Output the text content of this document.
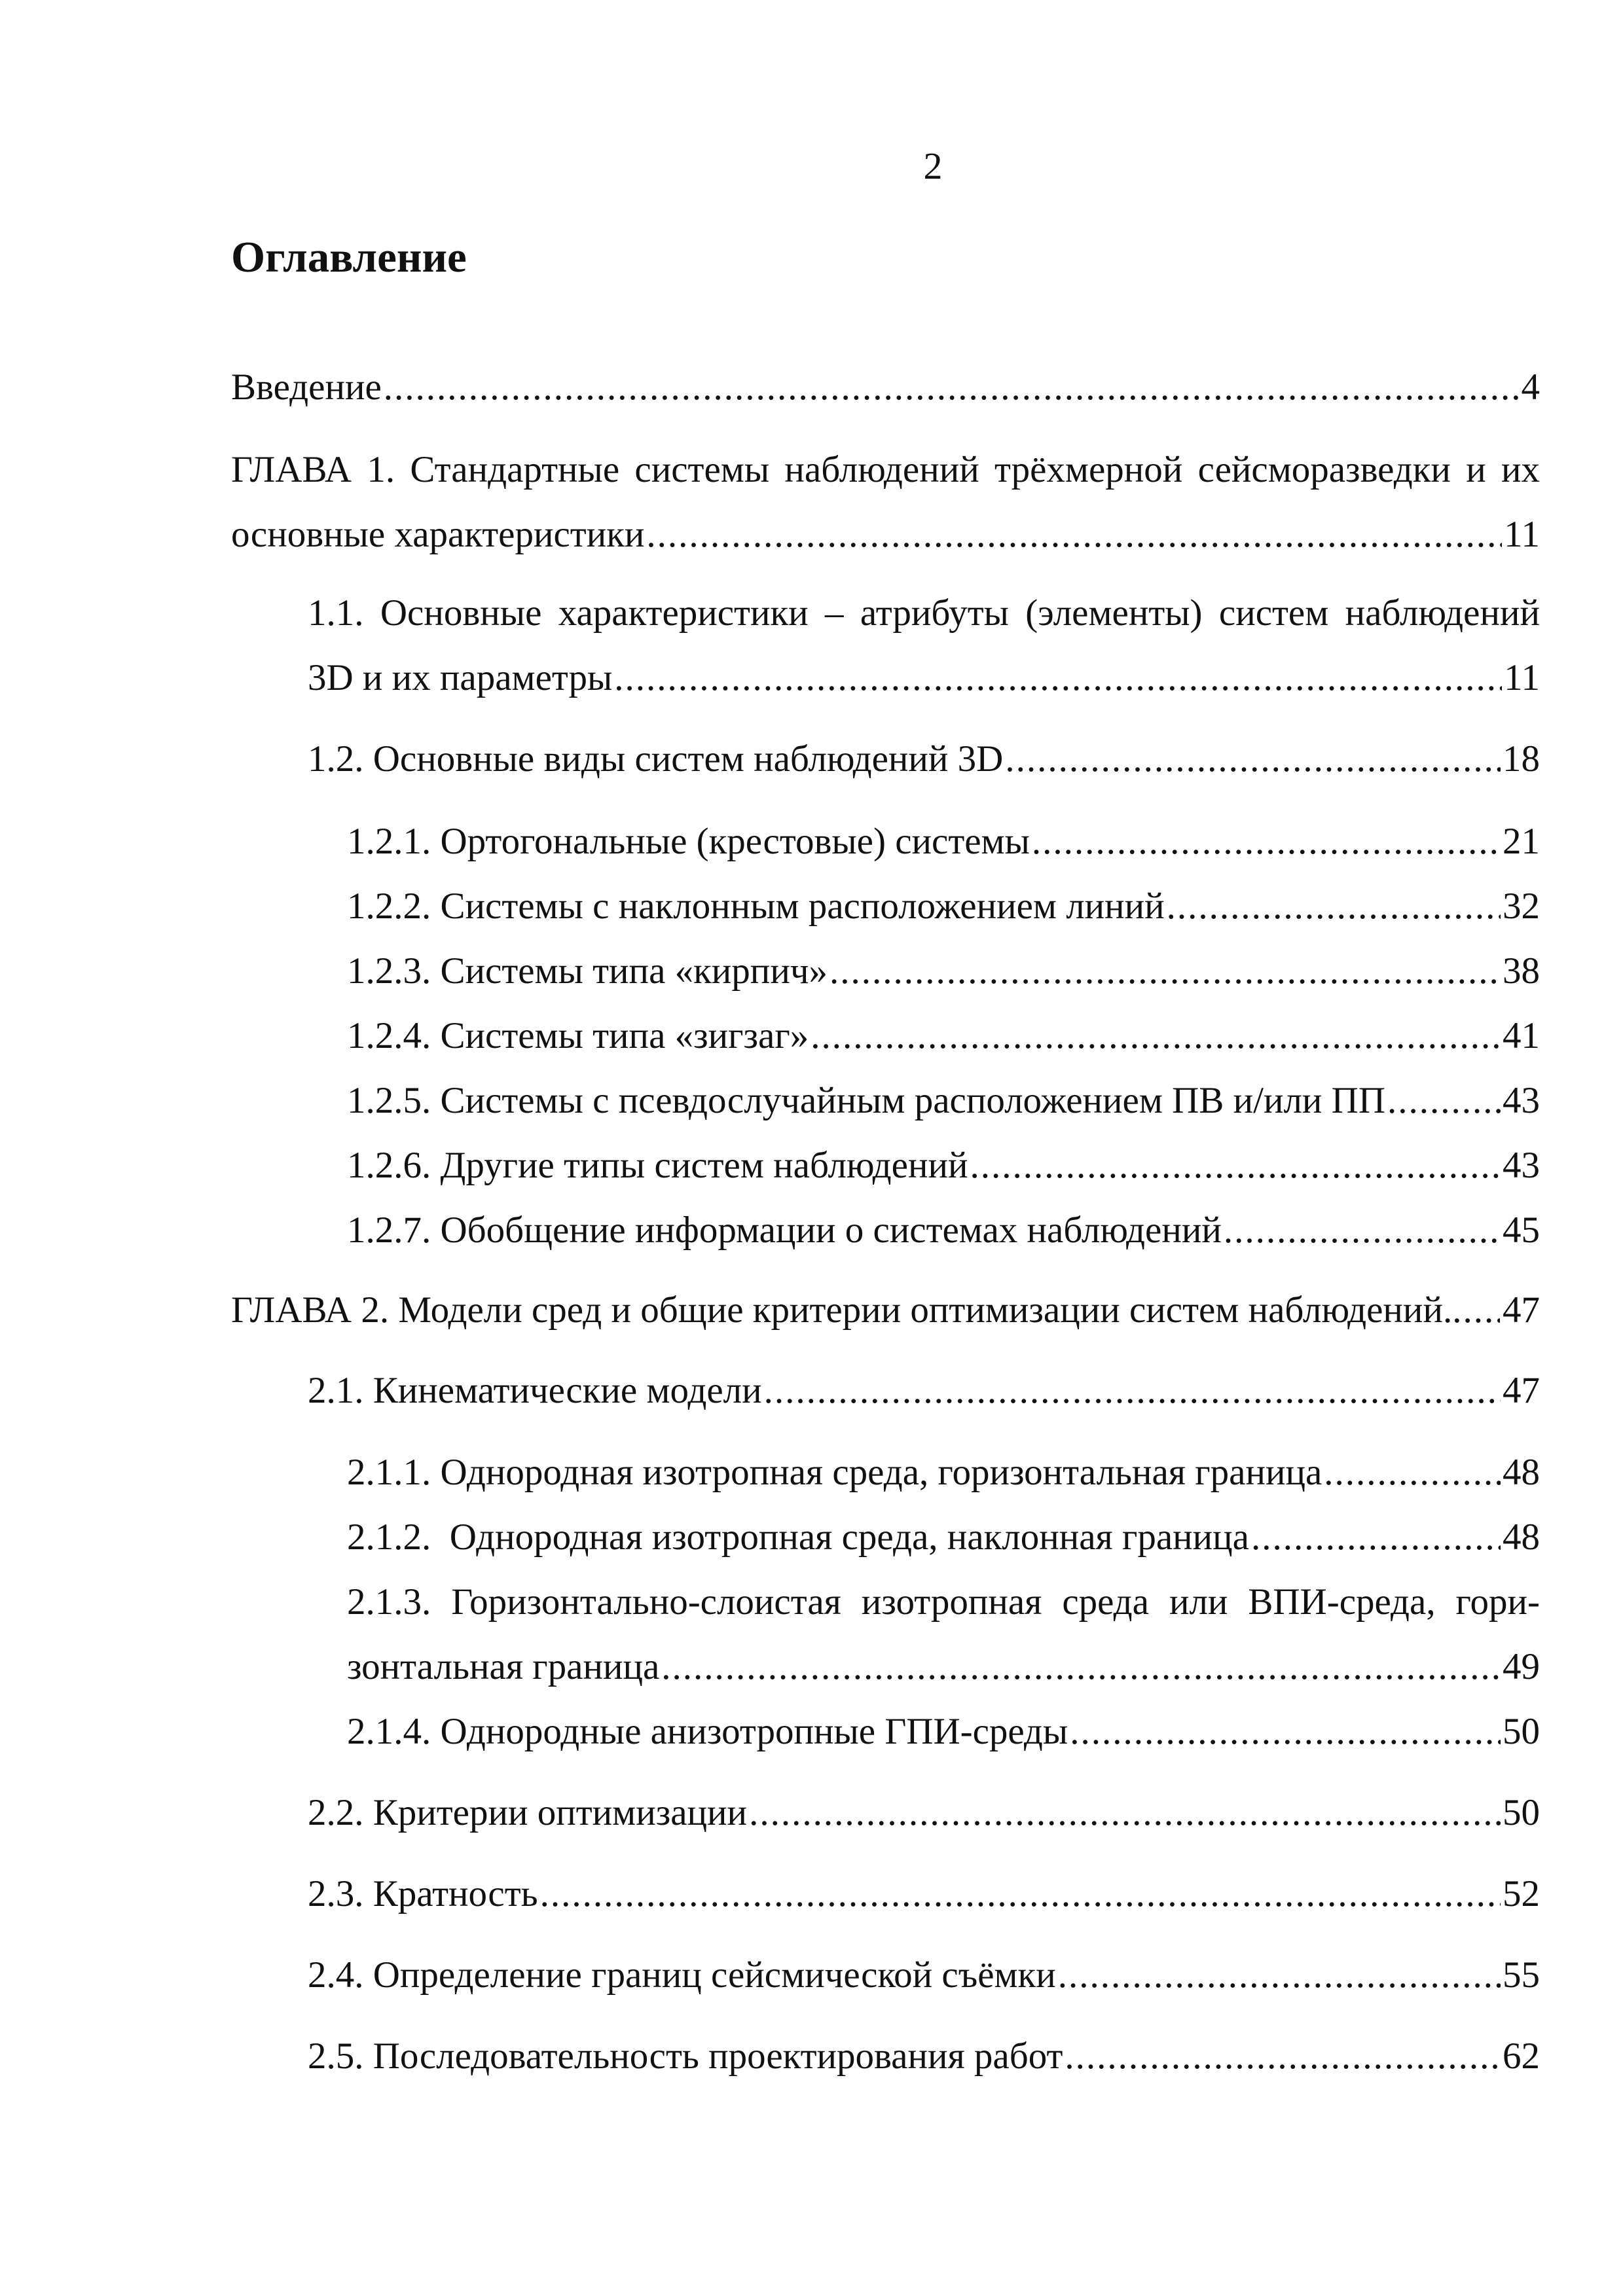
2
Оглавление
Введение .....	4
ГЛАВА 1. Стандартные системы наблюдений трёхмерной сейсморазведки и их
основные характеристики .....	11
1.1. Основные характеристики – атрибуты (элементы) систем наблюдений
3D и их параметры .....	11
1.2. Основные виды систем наблюдений 3D .....	18
1.2.1. Ортогональные (крестовые) системы .....	21
1.2.2. Системы с наклонным расположением линий .....	32
1.2.3. Системы типа «кирпич» .....	38
1.2.4. Системы типа «зигзаг» .....	41
1.2.5. Системы с псевдослучайным расположением ПВ и/или ПП .....	43
1.2.6. Другие типы систем наблюдений .....	43
1.2.7. Обобщение информации о системах наблюдений .....	45
ГЛАВА 2. Модели сред и общие критерии оптимизации систем наблюдений. ..... 47
2.1. Кинематические модели .....	47
2.1.1. Однородная изотропная среда, горизонтальная граница .....	48
2.1.2.  Однородная изотропная среда, наклонная граница .....	48
2.1.3. Горизонтально-слоистая изотропная среда или ВПИ-среда, гори-
зонтальная граница .....	49
2.1.4. Однородные анизотропные ГПИ-среды .....	50
2.2. Критерии оптимизации .....	50
2.3. Кратность .....	52
2.4. Определение границ сейсмической съёмки .....	55
2.5. Последовательность проектирования работ .....	62
